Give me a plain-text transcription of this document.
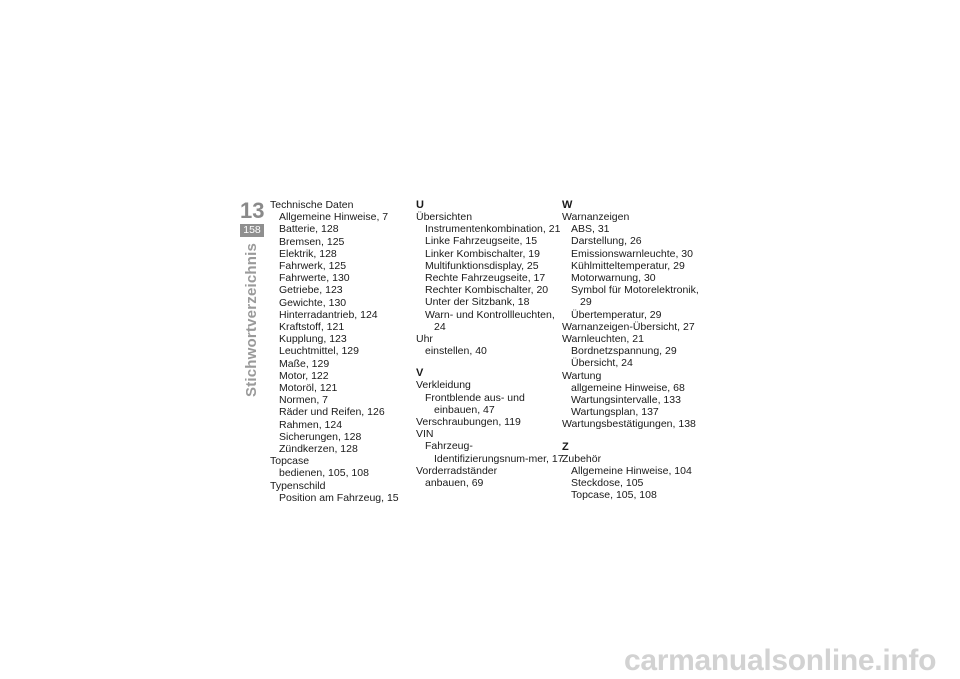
13
158
Stichwortverzeichnis
Technische Daten
Allgemeine Hinweise, 7
Batterie, 128
Bremsen, 125
Elektrik, 128
Fahrwerk, 125
Fahrwerte, 130
Getriebe, 123
Gewichte, 130
Hinterradantrieb, 124
Kraftstoff, 121
Kupplung, 123
Leuchtmittel, 129
Maße, 129
Motor, 122
Motoröl, 121
Normen, 7
Räder und Reifen, 126
Rahmen, 124
Sicherungen, 128
Zündkerzen, 128
Topcase
bedienen, 105, 108
Typenschild
Position am Fahrzeug, 15
U
Übersichten
Instrumentenkombination, 21
Linke Fahrzeugseite, 15
Linker Kombischalter, 19
Multifunktionsdisplay, 25
Rechte Fahrzeugseite, 17
Rechter Kombischalter, 20
Unter der Sitzbank, 18
Warn- und Kontrollleuchten, 24
Uhr
einstellen, 40
V
Verkleidung
Frontblende aus- und einbauen, 47
Verschraubungen, 119
VIN
Fahrzeug-Identifizierungsnum-mer, 17
Vorderradständer
anbauen, 69
W
Warnanzeigen
ABS, 31
Darstellung, 26
Emissionswarnleuchte, 30
Kühlmitteltemperatur, 29
Motorwarnung, 30
Symbol für Motorelektronik, 29
Übertemperatur, 29
Warnanzeigen-Übersicht, 27
Warnleuchten, 21
Bordnetzspannung, 29
Übersicht, 24
Wartung
allgemeine Hinweise, 68
Wartungsintervalle, 133
Wartungsplan, 137
Wartungsbestätigungen, 138
Z
Zubehör
Allgemeine Hinweise, 104
Steckdose, 105
Topcase, 105, 108
carmanualsonline.info
